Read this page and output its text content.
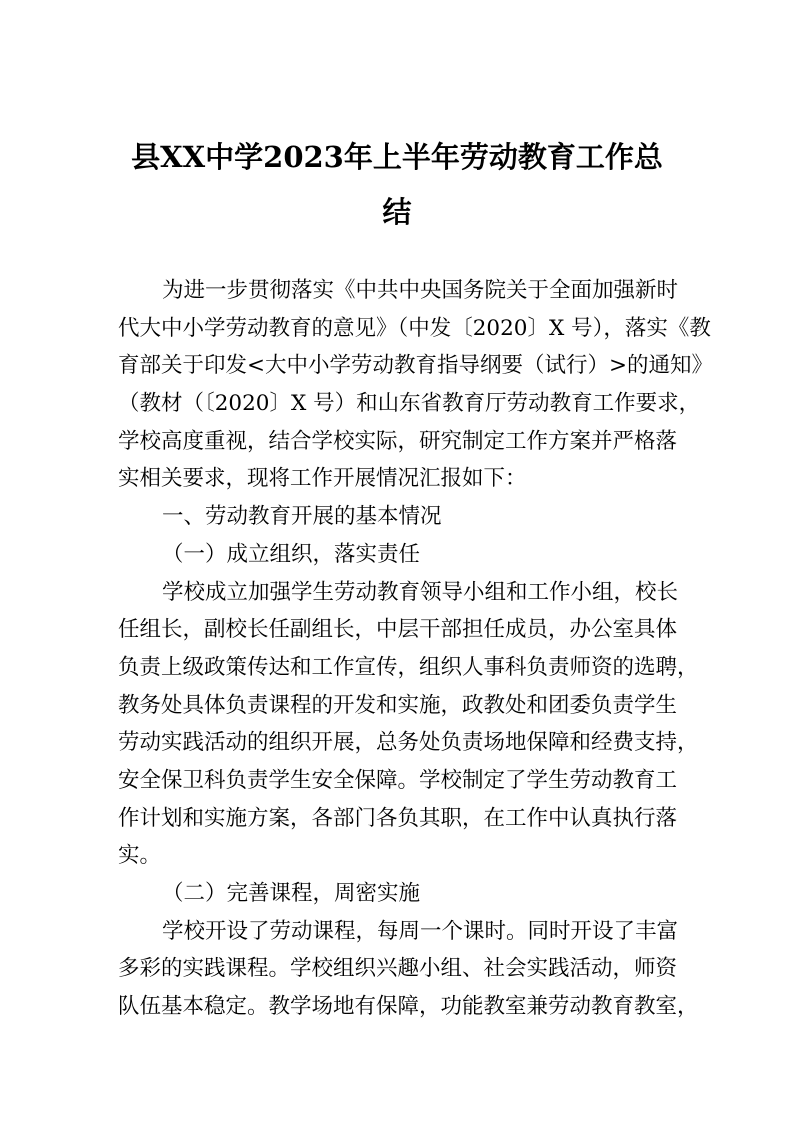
县XX中学2023年上半年劳动教育工作总
结
为进一步贯彻落实《中共中央国务院关于全面加强新时
代大中小学劳动教育的意见》（中发〔2020〕X 号），落实《教
育部关于印发<大中小学劳动教育指导纲要（试行）>的通知》
（教材（〔2020〕X 号）和山东省教育厅劳动教育工作要求，
学校高度重视，结合学校实际，研究制定工作方案并严格落
实相关要求，现将工作开展情况汇报如下：
一、劳动教育开展的基本情况
（一）成立组织，落实责任
学校成立加强学生劳动教育领导小组和工作小组，校长
任组长，副校长任副组长，中层干部担任成员，办公室具体
负责上级政策传达和工作宣传，组织人事科负责师资的选聘，
教务处具体负责课程的开发和实施，政教处和团委负责学生
劳动实践活动的组织开展，总务处负责场地保障和经费支持，
安全保卫科负责学生安全保障。学校制定了学生劳动教育工
作计划和实施方案，各部门各负其职，在工作中认真执行落
实。
（二）完善课程，周密实施
学校开设了劳动课程，每周一个课时。同时开设了丰富
多彩的实践课程。学校组织兴趣小组、社会实践活动，师资
队伍基本稳定。教学场地有保障，功能教室兼劳动教育教室，
